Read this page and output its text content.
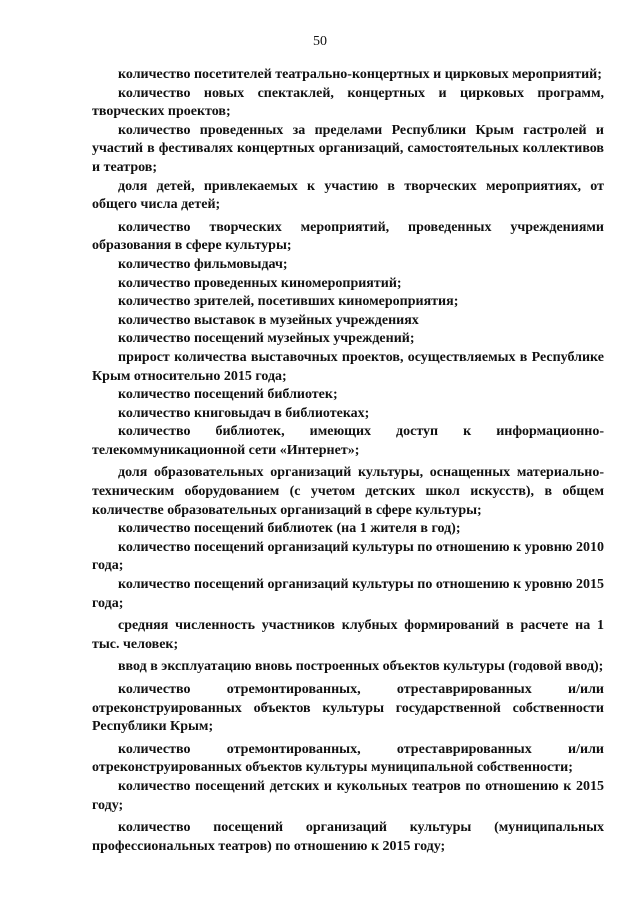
50

количество посетителей театрально-концертных и цирковых мероприятий;

количество новых спектаклей, концертных и цирковых программ, творческих проектов;

количество проведенных за пределами Республики Крым гастролей и участий в фестивалях концертных организаций, самостоятельных коллективов и театров;

доля детей, привлекаемых к участию в творческих мероприятиях, от общего числа детей;

количество творческих мероприятий, проведенных учреждениями образования в сфере культуры;

количество фильмовыдач;

количество проведенных киномероприятий;

количество зрителей, посетивших киномероприятия;

количество выставок в музейных учреждениях

количество посещений музейных учреждений;

прирост количества выставочных проектов, осуществляемых в Республике Крым относительно 2015 года;

количество посещений библиотек;

количество книговыдач в библиотеках;

количество библиотек, имеющих доступ к информационно-телекоммуникационной сети «Интернет»;

доля образовательных организаций культуры, оснащенных материально-техническим оборудованием (с учетом детских школ искусств), в общем количестве образовательных организаций в сфере культуры;

количество посещений библиотек (на 1 жителя в год);

количество посещений организаций культуры по отношению к уровню 2010 года;

количество посещений организаций культуры по отношению к уровню 2015 года;

средняя численность участников клубных формирований в расчете на 1 тыс. человек;

ввод в эксплуатацию вновь построенных объектов культуры (годовой ввод);

количество отремонтированных, отреставрированных и/или отреконструированных объектов культуры государственной собственности Республики Крым;

количество отремонтированных, отреставрированных и/или отреконструированных объектов культуры муниципальной собственности;

количество посещений детских и кукольных театров по отношению к 2015 году;

количество посещений организаций культуры (муниципальных профессиональных театров) по отношению к 2015 году;
